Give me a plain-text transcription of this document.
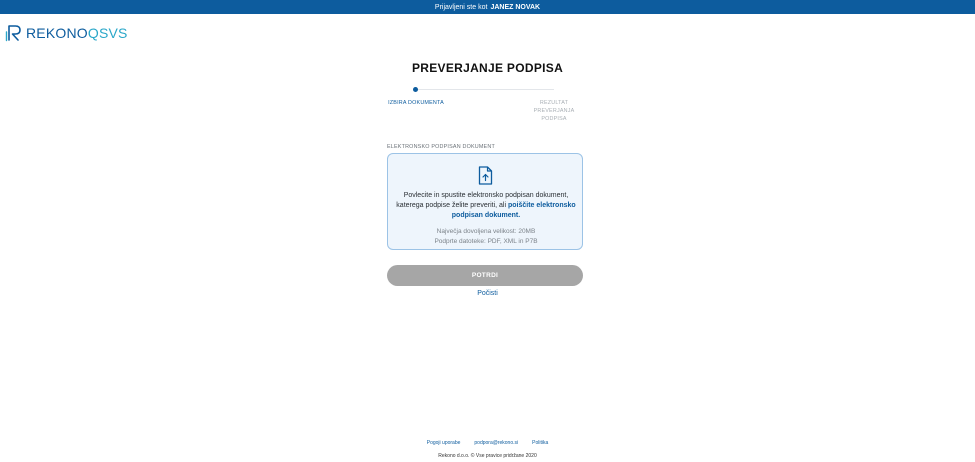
Prijavljeni ste kot JANEZ NOVAK
REKONOQSVS
PREVERJANJE PODPISA
IZBIRA DOKUMENTA	REZULTAT PREVERJANJA PODPISA
ELEKTRONSKO PODPISAN DOKUMENT
Povlecite in spustite elektronsko podpisan dokument, katerega podpise želite preveriti, ali poiščite elektronsko podpisan dokument.
Največja dovoljena velikost: 20MB
Podprte datoteke: PDF, XML in P7B
POTRDI
Počisti
Pogoji uporabe	podpora@rekono.si	Politika
Rekono d.o.o. © Vse pravice pridržane 2020
